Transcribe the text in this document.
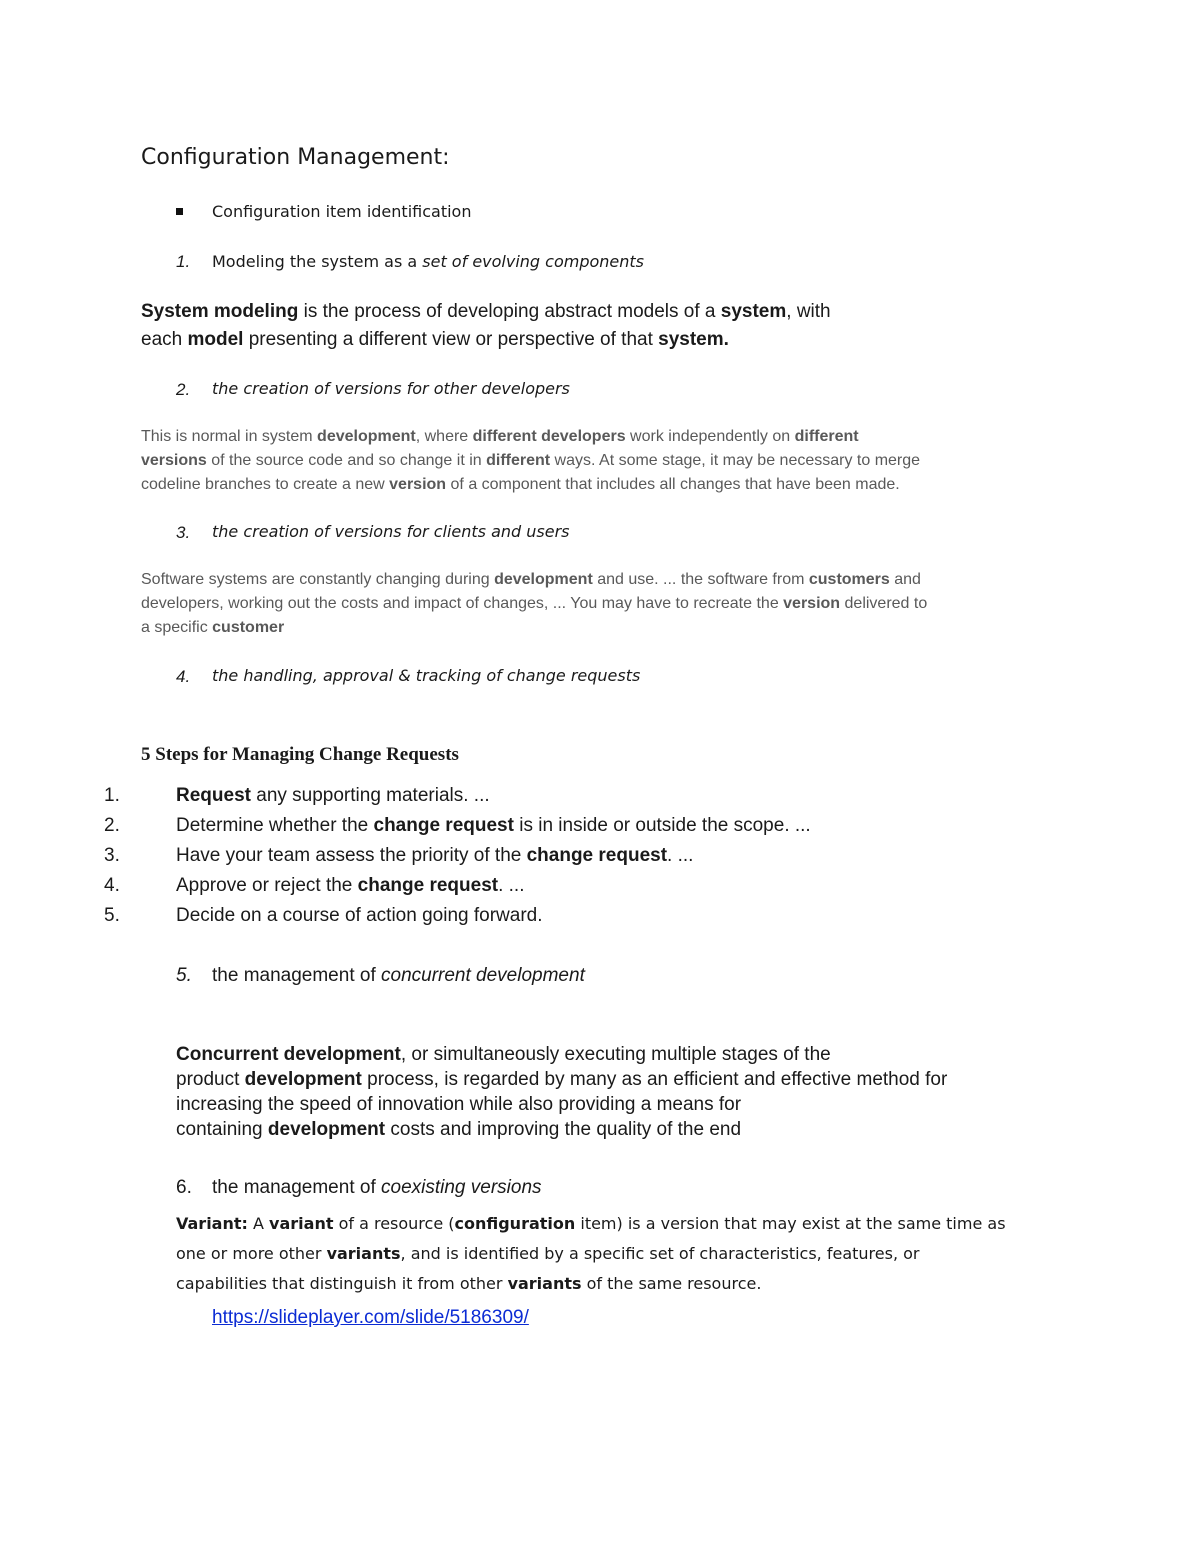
Configuration Management:
Configuration item identification
1. Modeling the system as a set of evolving components
System modeling is the process of developing abstract models of a system, with
each model presenting a different view or perspective of that system.
2. the creation of versions for other developers
This is normal in system development, where different developers work independently on different
versions of the source code and so change it in different ways. At some stage, it may be necessary to merge
codeline branches to create a new version of a component that includes all changes that have been made.
3. the creation of versions for clients and users
Software systems are constantly changing during development and use. ... the software from customers and
developers, working out the costs and impact of changes, ... You may have to recreate the version delivered to
a specific customer
4. the handling, approval & tracking of change requests
5 Steps for Managing Change Requests
1.	Request any supporting materials. ...
2.	Determine whether the change request is in inside or outside the scope. ...
3.	Have your team assess the priority of the change request. ...
4.	Approve or reject the change request. ...
5.	Decide on a course of action going forward.
5. the management of concurrent development
Concurrent development, or simultaneously executing multiple stages of the
product development process, is regarded by many as an efficient and effective method for
increasing the speed of innovation while also providing a means for
containing development costs and improving the quality of the end
6. the management of coexisting versions
Variant: A variant of a resource (configuration item) is a version that may exist at the same time as
one or more other variants, and is identified by a specific set of characteristics, features, or
capabilities that distinguish it from other variants of the same resource.
https://slideplayer.com/slide/5186309/
